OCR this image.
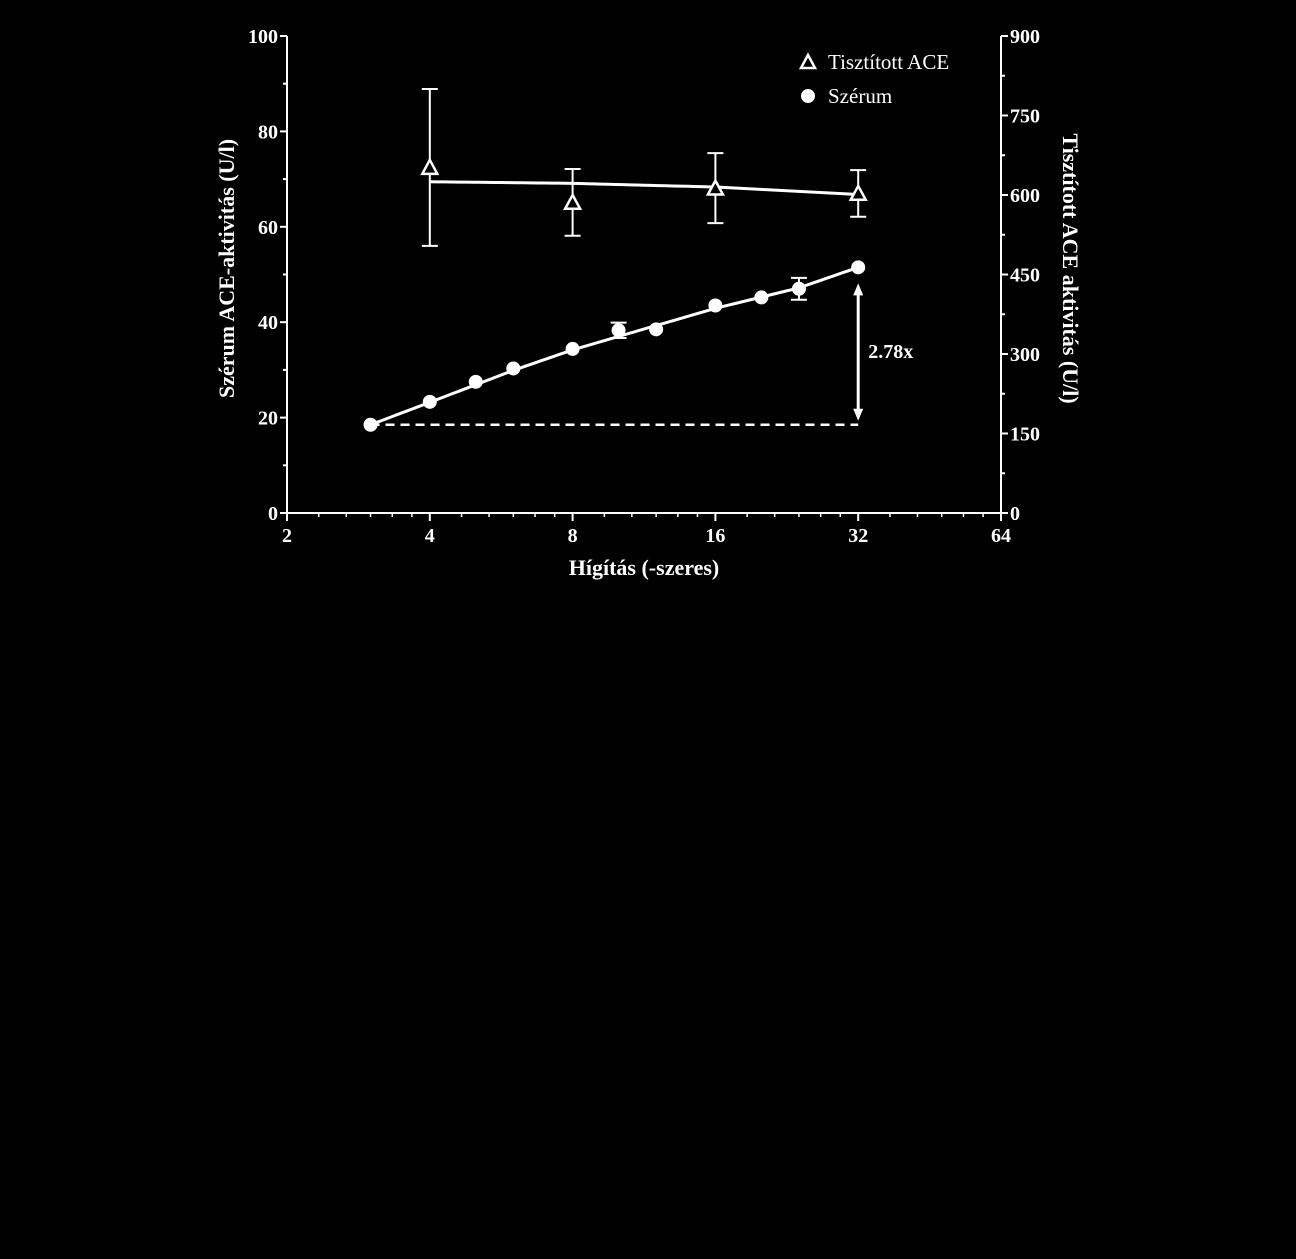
0
20
40
60
80
100
0
150
300
450
600
750
900
2	4	8	16	32	64
Hígítás (-szeres)
Szérum ACE-aktivitás (U/l)	Tisztított ACE aktivitás (U/l)
2.78x
Tisztított ACE
Szérum
